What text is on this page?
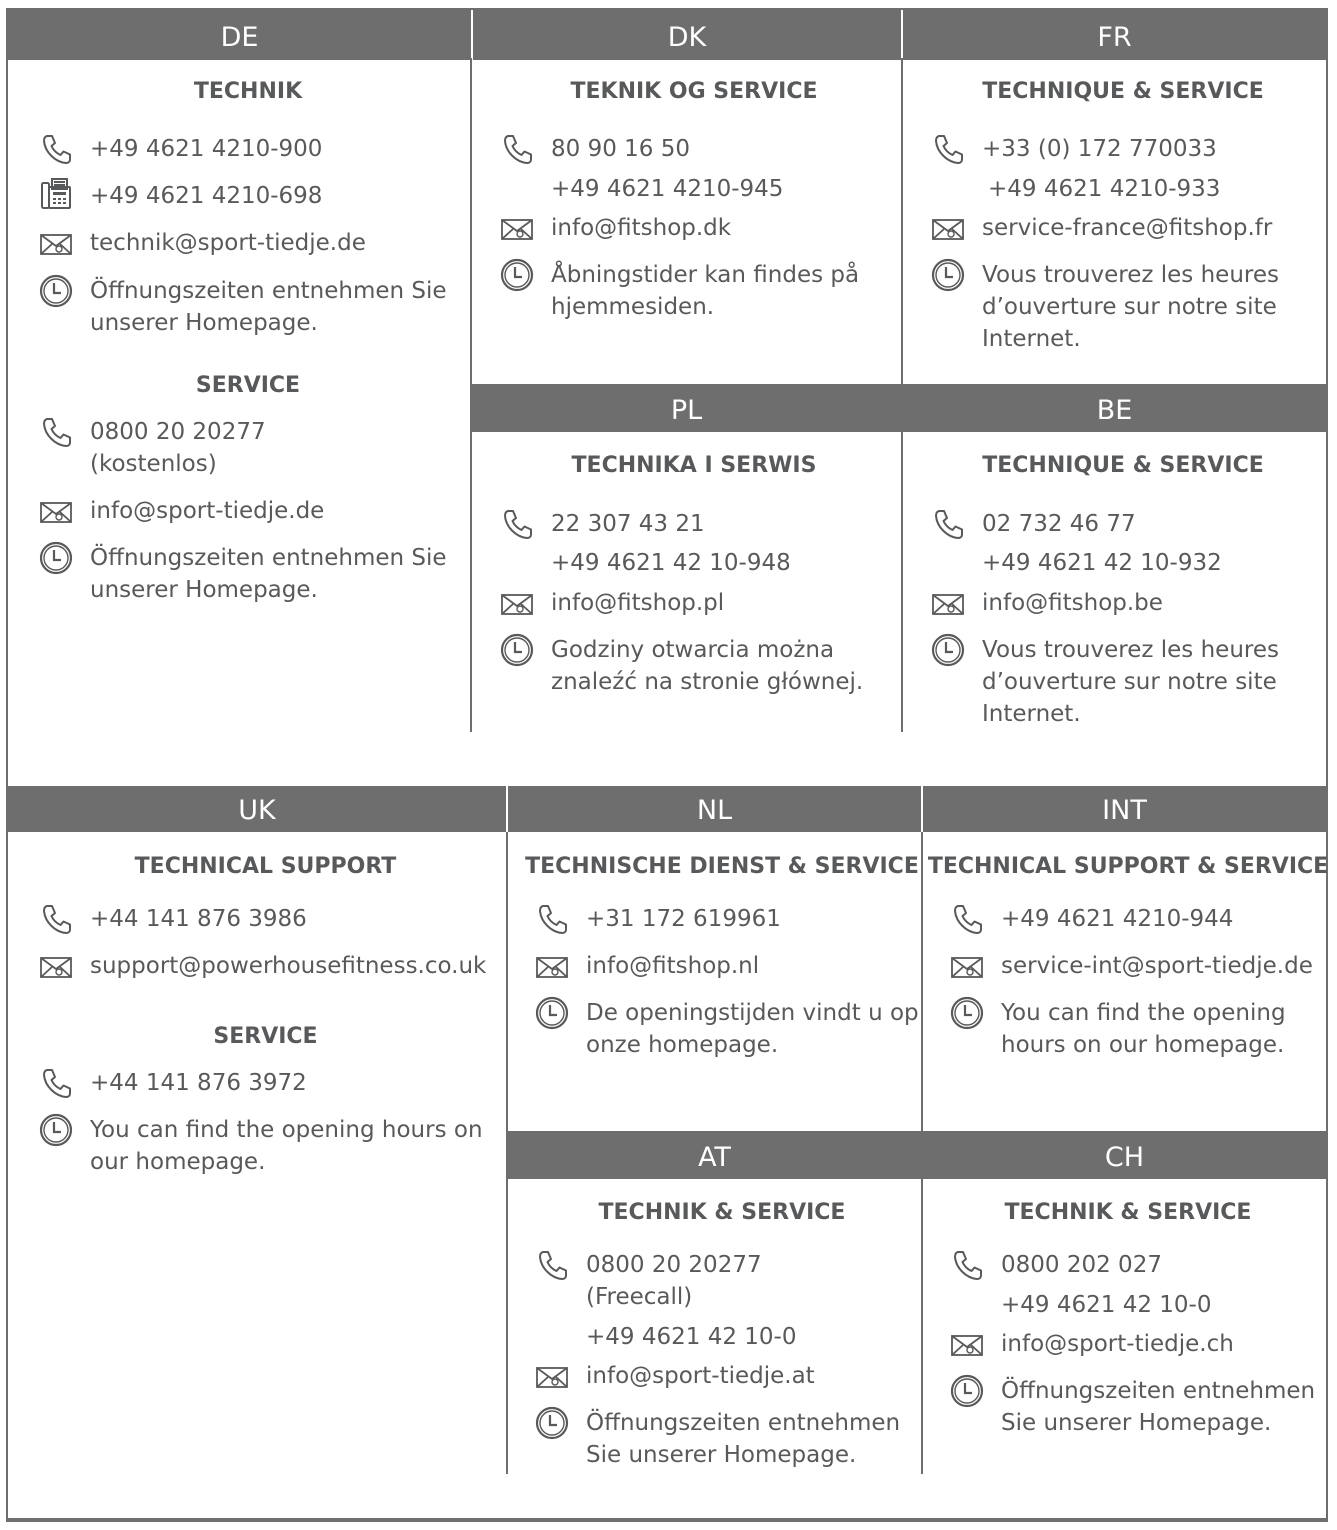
DE	DK	FR
TECHNIK
+49 4621 4210-900
+49 4621 4210-698
technik@sport-tiedje.de
Öffnungszeiten entnehmen Sie
unserer Homepage.
SERVICE
0800 20 20277
(kostenlos)
info@sport-tiedje.de
Öffnungszeiten entnehmen Sie
unserer Homepage.
TEKNIK OG SERVICE
80 90 16 50
+49 4621 4210-945
info@fitshop.dk
Åbningstider kan findes på
hjemmesiden.
TECHNIQUE & SERVICE
+33 (0) 172 770033
+49 4621 4210-933
service-france@fitshop.fr
Vous trouverez les heures
d’ouverture sur notre site
Internet.
PL	BE
TECHNIKA I SERWIS
22 307 43 21
+49 4621 42 10-948
info@fitshop.pl
Godziny otwarcia można
znaleźć na stronie głównej.
TECHNIQUE & SERVICE
02 732 46 77
+49 4621 42 10-932
info@fitshop.be
Vous trouverez les heures
d’ouverture sur notre site
Internet.
UK	NL	INT
TECHNICAL SUPPORT
+44 141 876 3986
support@powerhousefitness.co.uk
SERVICE
+44 141 876 3972
You can find the opening hours on
our homepage.
TECHNISCHE DIENST & SERVICE
+31 172 619961
info@fitshop.nl
De openingstijden vindt u op
onze homepage.
TECHNICAL SUPPORT & SERVICE
+49 4621 4210-944
service-int@sport-tiedje.de
You can find the opening
hours on our homepage.
AT	CH
TECHNIK & SERVICE
0800 20 20277
(Freecall)
+49 4621 42 10-0
info@sport-tiedje.at
Öffnungszeiten entnehmen
Sie unserer Homepage.
TECHNIK & SERVICE
0800 202 027
+49 4621 42 10-0
info@sport-tiedje.ch
Öffnungszeiten entnehmen
Sie unserer Homepage.
